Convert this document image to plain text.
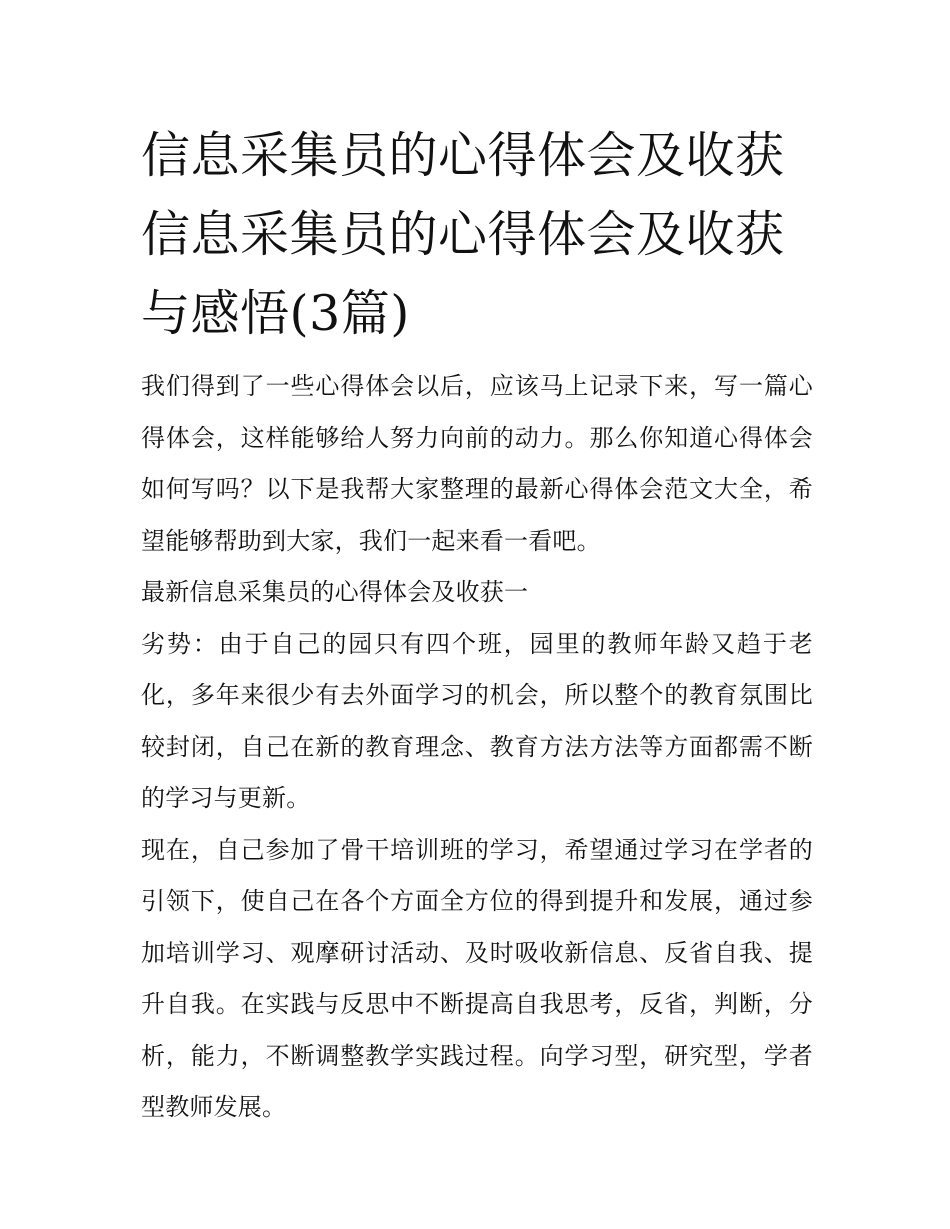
信息采集员的心得体会及收获信息采集员的心得体会及收获与感悟(3篇)

我们得到了一些心得体会以后，应该马上记录下来，写一篇心得体会，这样能够给人努力向前的动力。那么你知道心得体会如何写吗？以下是我帮大家整理的最新心得体会范文大全，希望能够帮助到大家，我们一起来看一看吧。

最新信息采集员的心得体会及收获一

劣势：由于自己的园只有四个班，园里的教师年龄又趋于老化，多年来很少有去外面学习的机会，所以整个的教育氛围比较封闭，自己在新的教育理念、教育方法方法等方面都需不断的学习与更新。

现在，自己参加了骨干培训班的学习，希望通过学习在学者的引领下，使自己在各个方面全方位的得到提升和发展，通过参加培训学习、观摩研讨活动、及时吸收新信息、反省自我、提升自我。在实践与反思中不断提高自我思考，反省，判断，分析，能力，不断调整教学实践过程。向学习型，研究型，学者型教师发展。
